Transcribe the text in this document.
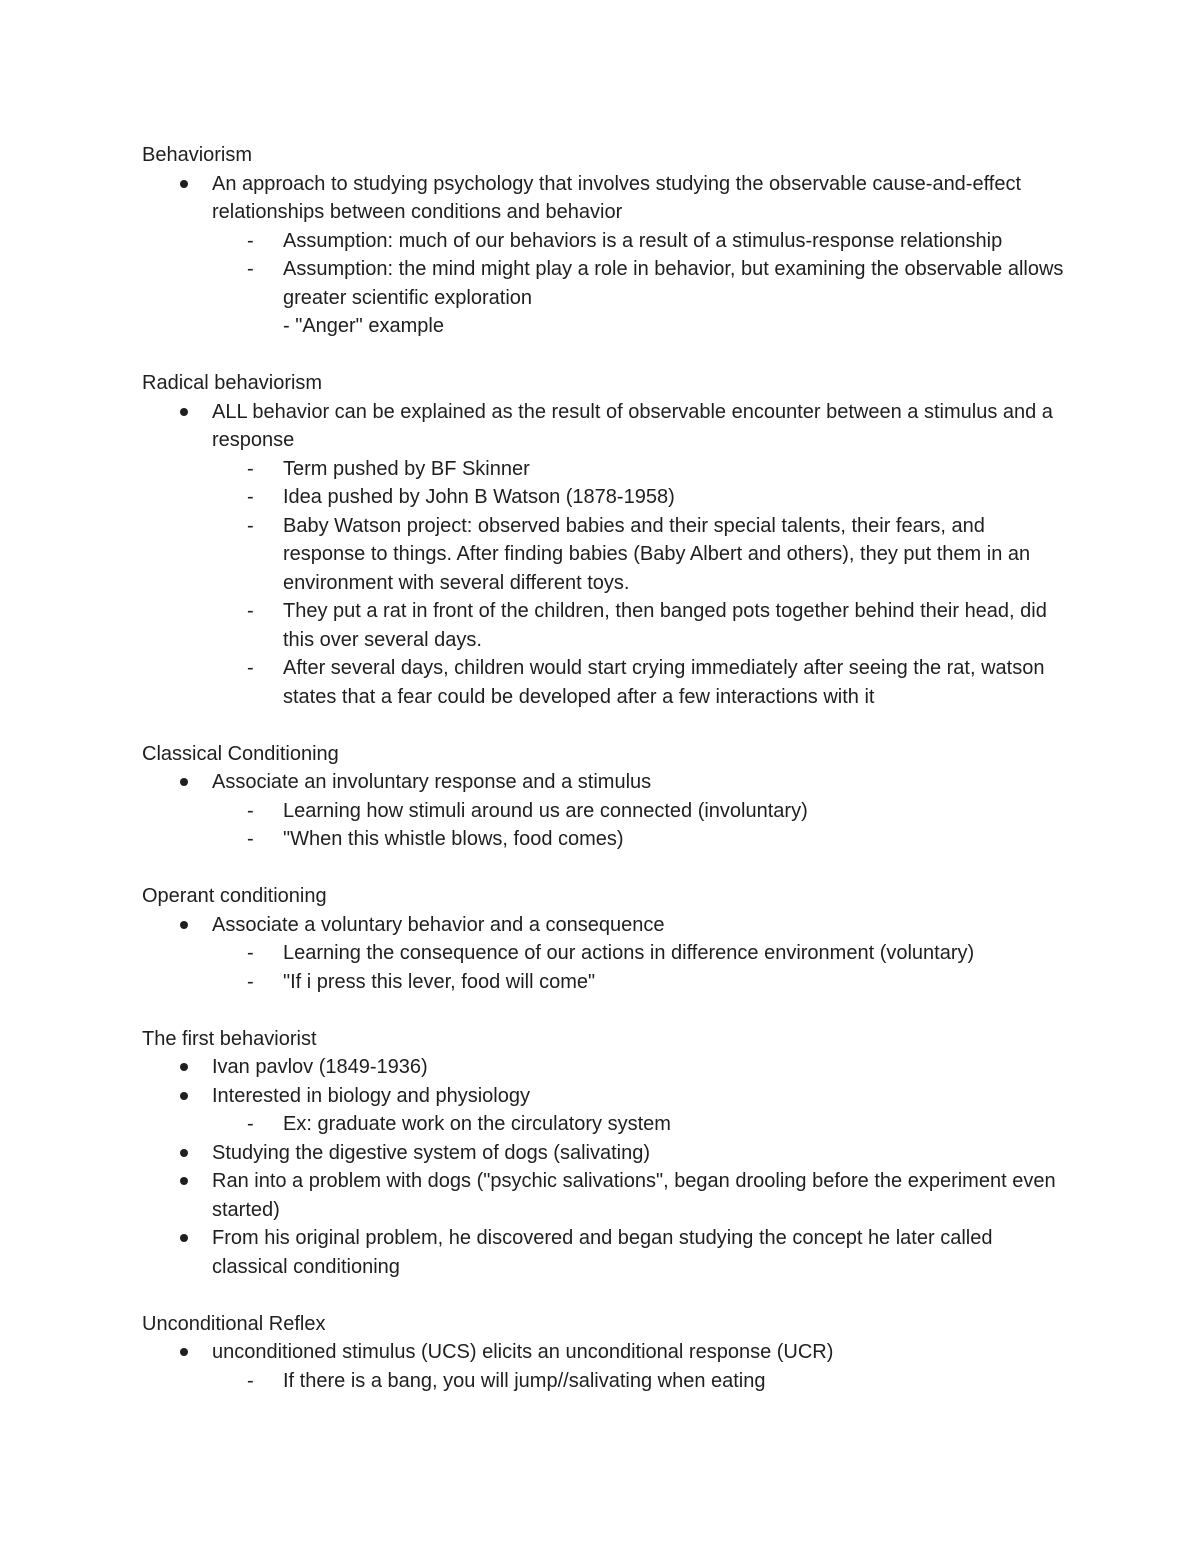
Behaviorism
An approach to studying psychology that involves studying the observable cause-and-effect relationships between conditions and behavior
- Assumption: much of our behaviors is a result of a stimulus-response relationship
- Assumption: the mind might play a role in behavior, but examining the observable allows greater scientific exploration
- "Anger" example
Radical behaviorism
ALL behavior can be explained as the result of observable encounter between a stimulus and a response
- Term pushed by BF Skinner
- Idea pushed by John B Watson (1878-1958)
- Baby Watson project: observed babies and their special talents, their fears, and response to things. After finding babies (Baby Albert and others), they put them in an environment with several different toys.
- They put a rat in front of the children, then banged pots together behind their head, did this over several days.
- After several days, children would start crying immediately after seeing the rat, watson states that a fear could be developed after a few interactions with it
Classical Conditioning
Associate an involuntary response and a stimulus
- Learning how stimuli around us are connected (involuntary)
- "When this whistle blows, food comes)
Operant conditioning
Associate a voluntary behavior and a consequence
- Learning the consequence of our actions in difference environment (voluntary)
- "If i press this lever, food will come"
The first behaviorist
Ivan pavlov (1849-1936)
Interested in biology and physiology
- Ex: graduate work on the circulatory system
Studying the digestive system of dogs (salivating)
Ran into a problem with dogs ("psychic salivations", began drooling before the experiment even started)
From his original problem, he discovered and began studying the concept he later called classical conditioning
Unconditional Reflex
unconditioned stimulus (UCS) elicits an unconditional response (UCR)
- If there is a bang, you will jump//salivating when eating
